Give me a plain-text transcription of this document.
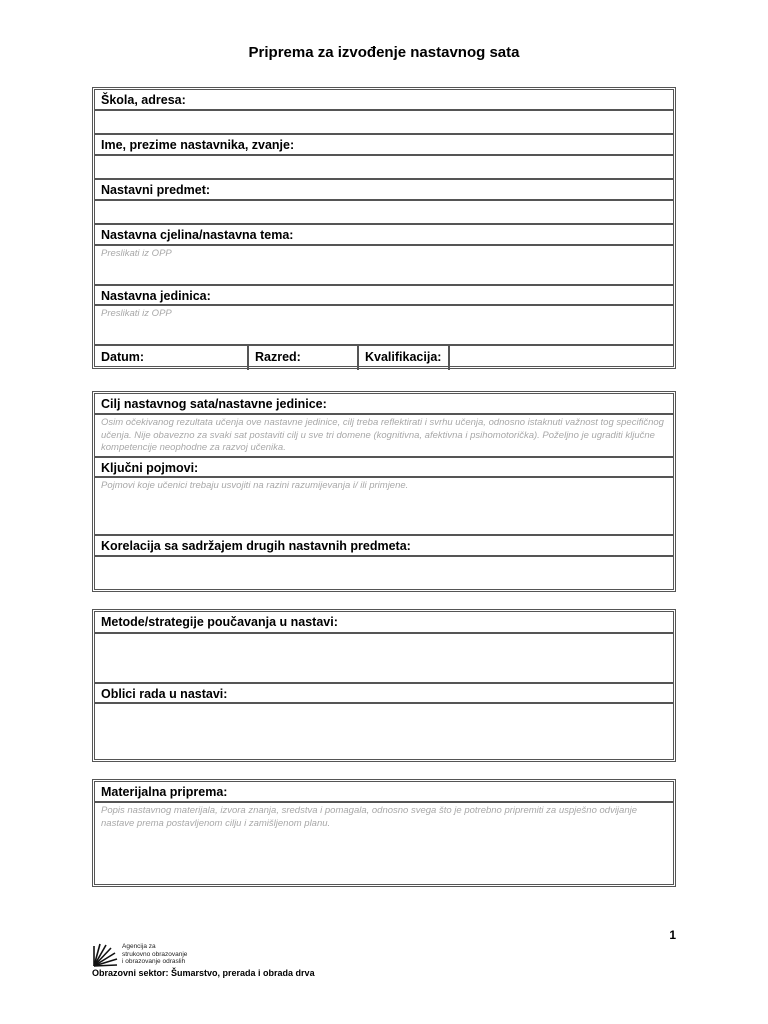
Priprema za izvođenje nastavnog sata
Škola, adresa:
Ime, prezime nastavnika, zvanje:
Nastavni predmet:
Nastavna cjelina/nastavna tema:
Preslikati iz OPP
Nastavna jedinica:
Preslikati iz OPP
Datum:	Razred:	Kvalifikacija:
Cilj nastavnog sata/nastavne jedinice:
Osim očekivanog rezultata učenja ove nastavne jedinice, cilj treba reflektirati i svrhu učenja, odnosno istaknuti važnost tog specifičnog učenja. Nije obavezno za svaki sat postaviti cilj u sve tri domene (kognitivna, afektivna i psihomotorička). Poželjno je ugraditi ključne kompetencije neophodne za razvoj učenika.
Ključni pojmovi:
Pojmovi koje učenici trebaju usvojiti na razini razumijevanja i/ ili primjene.
Korelacija sa sadržajem drugih nastavnih predmeta:
Metode/strategije poučavanja u nastavi:
Oblici rada u nastavi:
Materijalna priprema:
Popis nastavnog materijala, izvora znanja, sredstva i pomagala, odnosno svega što je potrebno pripremiti za uspješno odvijanje nastave prema postavljenom cilju i zamišljenom planu.
1
Agencija za
strukovno obrazovanje
i obrazovanje odraslih
Obrazovni sektor: Šumarstvo, prerada i obrada drva
